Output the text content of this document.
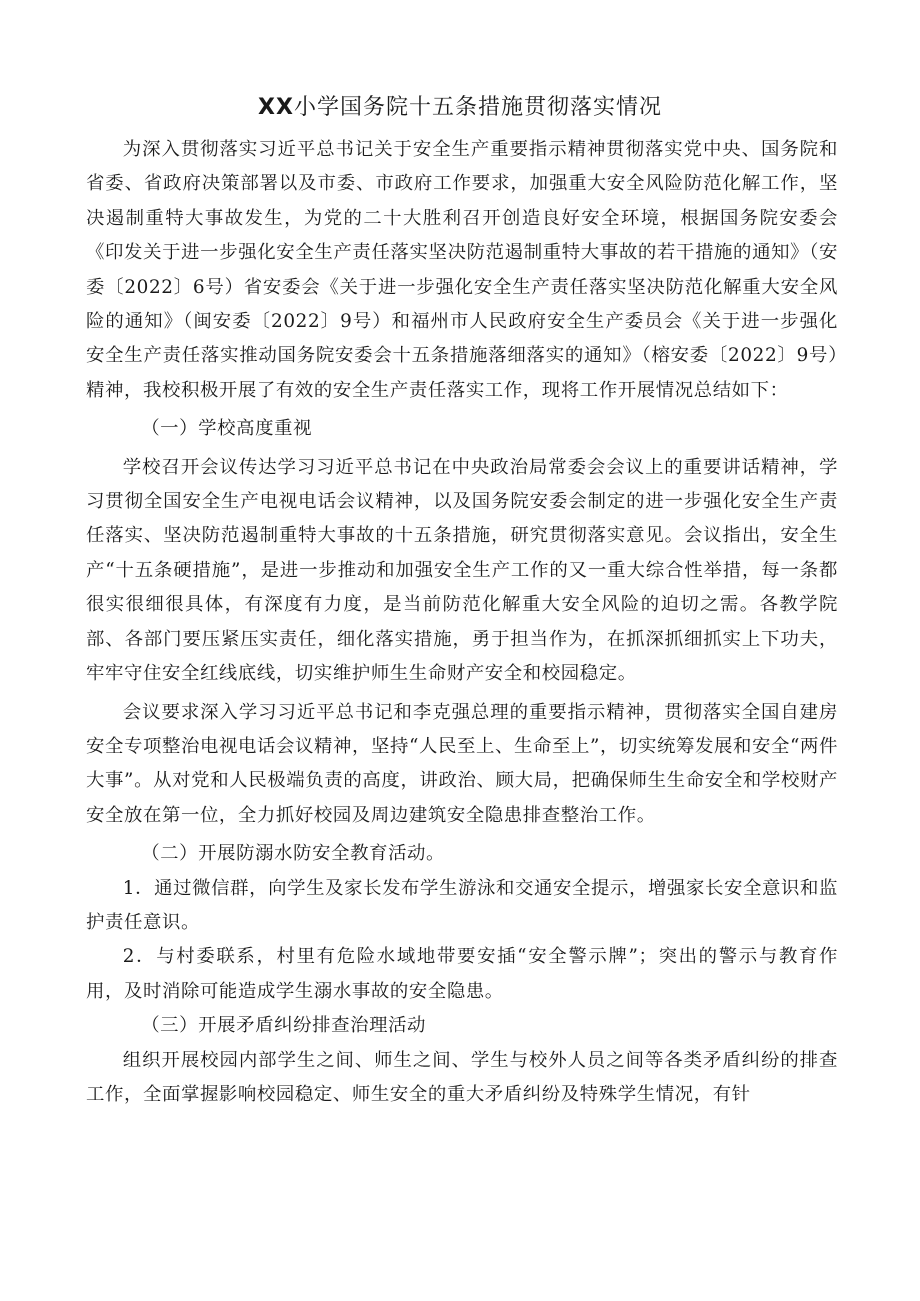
XX小学国务院十五条措施贯彻落实情况

为深入贯彻落实习近平总书记关于安全生产重要指示精神贯彻落实党中央、国务院和省委、省政府决策部署以及市委、市政府工作要求，加强重大安全风险防范化解工作，坚决遏制重特大事故发生，为党的二十大胜利召开创造良好安全环境，根据国务院安委会《印发关于进一步强化安全生产责任落实坚决防范遏制重特大事故的若干措施的通知》（安委〔2022〕6号）省安委会《关于进一步强化安全生产责任落实坚决防范化解重大安全风险的通知》（闽安委〔2022〕9号）和福州市人民政府安全生产委员会《关于进一步强化安全生产责任落实推动国务院安委会十五条措施落细落实的通知》（榕安委〔2022〕9号）精神，我校积极开展了有效的安全生产责任落实工作，现将工作开展情况总结如下：

（一）学校高度重视

学校召开会议传达学习习近平总书记在中央政治局常委会会议上的重要讲话精神，学习贯彻全国安全生产电视电话会议精神，以及国务院安委会制定的进一步强化安全生产责任落实、坚决防范遏制重特大事故的十五条措施，研究贯彻落实意见。会议指出，安全生产“十五条硬措施”，是进一步推动和加强安全生产工作的又一重大综合性举措，每一条都很实很细很具体，有深度有力度，是当前防范化解重大安全风险的迫切之需。各教学院部、各部门要压紧压实责任，细化落实措施，勇于担当作为，在抓深抓细抓实上下功夫，牢牢守住安全红线底线，切实维护师生生命财产安全和校园稳定。

会议要求深入学习习近平总书记和李克强总理的重要指示精神，贯彻落实全国自建房安全专项整治电视电话会议精神，坚持“人民至上、生命至上”，切实统筹发展和安全“两件大事”。从对党和人民极端负责的高度，讲政治、顾大局，把确保师生生命安全和学校财产安全放在第一位，全力抓好校园及周边建筑安全隐患排查整治工作。

（二）开展防溺水防安全教育活动。

1．通过微信群，向学生及家长发布学生游泳和交通安全提示，增强家长安全意识和监护责任意识。

2．与村委联系，村里有危险水域地带要安插“安全警示牌”；突出的警示与教育作用，及时消除可能造成学生溺水事故的安全隐患。

（三）开展矛盾纠纷排查治理活动

组织开展校园内部学生之间、师生之间、学生与校外人员之间等各类矛盾纠纷的排查工作，全面掌握影响校园稳定、师生安全的重大矛盾纠纷及特殊学生情况，有针
